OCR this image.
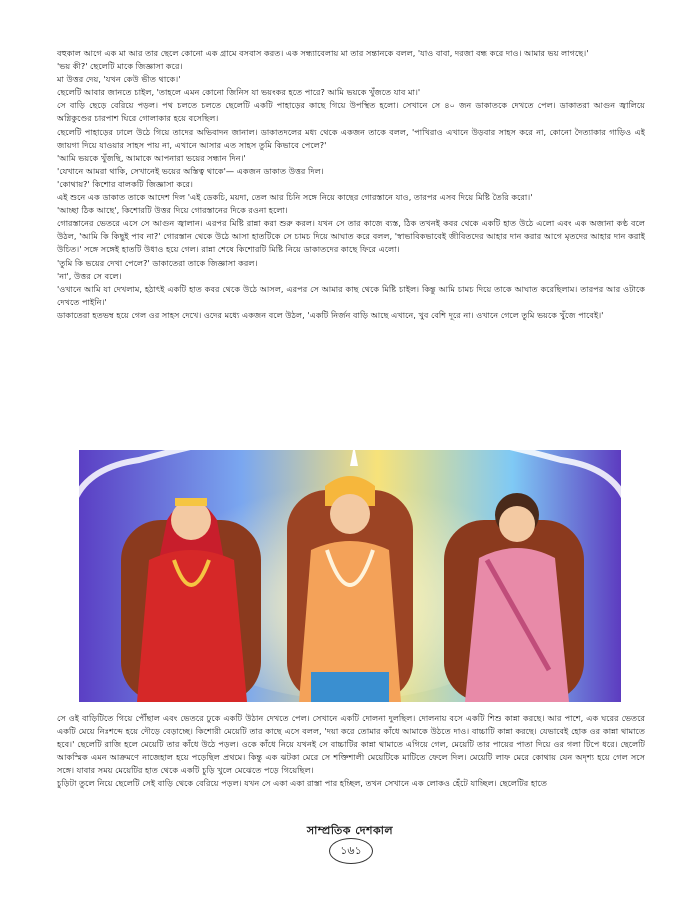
বহুকাল আগে এক মা আর তার ছেলে কোনো এক গ্রামে বসবাস করত। এক সন্ধ্যাবেলায় মা তার সন্তানকে বলল, 'যাও বাবা, দরজা বন্ধ করে দাও। আমার ভয় লাগছে।'

'ভয় কী?' ছেলেটি মাকে জিজ্ঞাসা করে।

মা উত্তর দেয়, 'যখন কেউ ভীত থাকে।'

ছেলেটি আবার জানতে চাইল, 'তাহলে এমন কোনো জিনিস যা ভয়ংকর হতে পারে? আমি ভয়কে খুঁজতে যাব মা।'

সে বাড়ি ছেড়ে বেরিয়ে পড়ল। পথ চলতে চলতে ছেলেটি একটি পাহাড়ের কাছে গিয়ে উপস্থিত হলো। সেখানে সে ৪০ জন ডাকাতকে দেখতে পেল। ডাকাতরা আগুন জ্বালিয়ে অগ্নিকুণ্ডের চারপাশ ঘিরে গোলাকার হয়ে বসেছিল।

ছেলেটি পাহাড়ের ঢালে উঠে গিয়ে তাদের অভিবাদন জানাল। ডাকাতদলের মধ্য থেকে একজন তাকে বলল, 'পাখিরাও এখানে উড়বার সাহস করে না, কোনো দৈত্যাকার গাড়িও এই জায়গা দিয়ে যাওয়ার সাহস পায় না, এখানে আসার এত সাহস তুমি কিভাবে পেলে?'

'আমি ভয়কে খুঁজছি, আমাকে আপনারা ভয়ের সন্ধান দিন।'

'যেখানে আমরা থাকি, সেখানেই ভয়ের অস্তিত্ব থাকে'— একজন ডাকাত উত্তর দিল।

'কোথায়?' কিশোর বালকটি জিজ্ঞাসা করে।

এই শুনে এক ডাকাত তাকে আদেশ দিল 'এই ডেকচি, ময়দা, তেল আর চিনি সঙ্গে নিয়ে কাছের গোরস্তানে যাও, তারপর এসব দিয়ে মিষ্টি তৈরি করো।'

'আচ্ছা ঠিক আছে', কিশোরটি উত্তর দিয়ে গোরস্তানের দিকে রওনা হলো।

গোরস্তানের ভেতরে এসে সে আগুন জ্বালান। এরপর মিষ্টি রান্না করা শুরু করল। যখন সে তার কাজে ব্যস্ত, ঠিক তখনই কবর থেকে একটি হাত উঠে এলো এবং এক অজানা কণ্ঠ বলে উঠল, 'আমি কি কিছুই পাব না?' গোরস্তান থেকে উঠে আসা হাতটিকে সে চামচ দিয়ে আঘাত করে বলল, 'স্বাভাবিকভাবেই জীবিতদের আহার দান করার আগে মৃতদের আহার দান করাই উচিত।' সঙ্গে সঙ্গেই হাতটি উধাও হয়ে গেল। রান্না শেষে কিশোরটি মিষ্টি নিয়ে ডাকাতদের কাছে ফিরে এলো।

'তুমি কি ভয়ের দেখা পেলে?' ডাকাতেরা তাকে জিজ্ঞাসা করল।

'না', উত্তর সে বলে।

'ওখানে আমি যা দেখলাম, হঠাৎই একটি হাত কবর থেকে উঠে আসল, এরপর সে আমার কাছ থেকে মিষ্টি চাইল। কিন্তু আমি চামচ দিয়ে তাকে আঘাত করেছিলাম। তারপর আর ওটাকে দেখতে পাইনি।'

ডাকাতেরা হতভম্ব হয়ে গেল ওর সাহস দেখে। ওদের মধ্যে একজন বলে উঠল, 'একটি নির্জন বাড়ি আছে এখানে, খুব বেশি দূরে না। ওখানে গেলে তুমি ভয়কে খুঁজে পাবেই।'

সে ওই বাড়িটিতে গিয়ে পৌঁছাল এবং ভেতরে ঢুকে একটি উঠান দেখতে পেল। সেখানে একটি দোলনা দুলছিল। দোলনায় বসে একটি শিশু কান্না করছে। আর পাশে, এক ঘরের ভেতরে একটি মেয়ে নিঃশব্দে হয়ে দৌড়ে বেড়াচ্ছে। কিশোরী মেয়েটি তার কাছে এসে বলল, 'দয়া করে তোমার কাঁধে আমাকে উঠতে দাও। বাচ্চাটি কান্না করছে। যেভাবেই হোক ওর কান্না থামাতে হবে।' ছেলেটি রাজি হলে মেয়েটি তার কাঁধে উঠে পড়ল। ওকে কাঁধে নিয়ে যখনই সে বাচ্চাটির কান্না থামাতে এগিয়ে গেল, মেয়েটি তার পায়ের পাতা দিয়ে ওর গলা টিপে ধরে। ছেলেটি আকস্মিক এমন আক্রমণে নাজেহাল হয়ে পড়েছিল প্রথমে। কিন্তু এক ঝটকা মেরে সে শক্তিশালী মেয়েটিকে মাটিতে ফেলে দিল। মেয়েটি লাফ মেরে কোথায় যেন অদৃশ্য হয়ে গেল সসে সঙ্গে। যাবার সময় মেয়েটির হাত থেকে একটি চুড়ি খুলে মেঝেতে পড়ে গিয়েছিল।

চুড়িটা তুলে নিয়ে ছেলেটি সেই বাড়ি থেকে বেরিয়ে পড়ল। যখন সে একা একা রাস্তা পার হচ্ছিল, তখন সেখানে এক লোকও হেঁটে যাচ্ছিল। ছেলেটির হাতে

সাম্প্রতিক দেশকাল
১৬১
